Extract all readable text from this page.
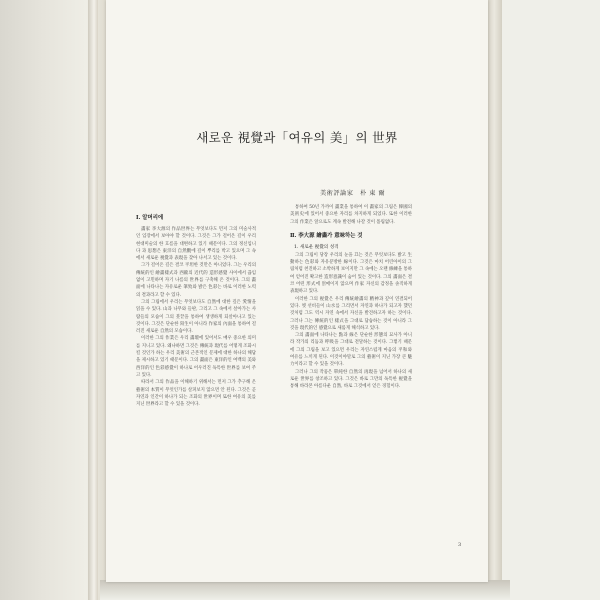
새로운 視覺과「여유의 美」의 世界
美術評論家　朴 東 爾
Ⅰ. 알머리에

畵家 李大源의 作品世界는 무엇보다도 먼저 그의 미술사적인 입장에서 보아야 할 것이다. 그것은 그가 걸어온 길이 우리 현대미술의 한 흐름을 대변하고 있기 때문이다. 그의 정신입니다 과 思想은 東洋의 自然觀에 깊이 뿌리를 박고 있으며 그 속에서 새로운 視覺과 表現을 찾아 나서고 있는 것이다.

그가 걸어온 길은 결코 平坦한 것만은 아니었다. 그는 우리의 傳統的인 繪畵樣式과 西歐의 近代的 造形感覺 사이에서 끊임없이 고민하며 자기 나름의 世界를 구축해 온 것이다. 그의 畵面에 나타나는 자유로운 筆致와 밝은 色彩는 바로 이러한 노력의 결과라고 할 수 있다.

그의 그림에서 우리는 무엇보다도 自然에 대한 깊은 愛情을 읽을 수 있다. 山과 나무와 들판, 그리고 그 속에서 살아가는 사람들의 모습이 그의 붓끝을 통하여 생생하게 되살아나고 있는 것이다. 그것은 단순한 寫生이 아니라 作家의 內面을 통하여 걸러진 새로운 自然의 모습이다.

이러한 그의 作業은 우리 畵壇에 있어서도 매우 중요한 의미를 지니고 있다. 왜냐하면 그것은 傳統과 現代를 어떻게 조화시킬 것인가 하는 우리 美術의 근본적인 문제에 대한 하나의 해답을 제시하고 있기 때문이다. 그의 畵面은 東洋的인 여백의 美와 西洋的인 色彩感覺이 하나로 어우러진 독특한 世界를 보여 주고 있다.

따라서 그의 作品을 이해하기 위해서는 먼저 그가 추구해 온 藝術의 本質이 무엇인가를 살펴보지 않으면 안 된다. 그것은 곧 자연과 인간이 하나가 되는 조화의 世界이며 또한 여유의 美를 지닌 世界라고 할 수 있을 것이다.

통하여 50년 가까이 畵業을 통하여 이 畵家의 그림은 韓國의 美術史에 있어서 중요한 자리를 차지하게 되었다. 또한 이러한 그의 作業은 앞으로도 계속 발전해 나갈 것이 틀림없다.

Ⅱ. 李大源 繪畵가 意味하는 것
1. 새로운 視覺의 성격

그의 그림이 당장 우리의 눈을 끄는 것은 무엇보다도 밝고 生動하는 色彩와 자유분방한 線이다. 그것은 마치 어린아이의 그림처럼 천진하고 소박하게 보이지만 그 속에는 오랜 修練을 통하여 얻어진 확고한 造形意識이 숨어 있는 것이다. 그의 畵面은 결코 어떤 形式에 얽매이지 않으며 作家 자신의 감정을 솔직하게 表現하고 있다.

이러한 그의 視覺은 우리 傳統繪畵의 精神과 깊이 연결되어 있다. 옛 선비들이 山水를 그리면서 자연과 하나가 되고자 했던 것처럼 그도 역시 자연 속에서 자신을 발견하고자 하는 것이다. 그러나 그는 傳統的인 樣式을 그대로 답습하는 것이 아니라 그것을 現代的인 感覺으로 새롭게 해석하고 있다.

그의 畵面에 나타나는 點과 線은 단순한 形態의 묘사가 아니라 작가의 리듬과 呼吸을 그대로 전달하는 것이다. 그렇기 때문에 그의 그림을 보고 있으면 우리는 자연스럽게 마음의 平和와 여유를 느끼게 된다. 이것이야말로 그의 藝術이 지닌 가장 큰 魅力이라고 할 수 있을 것이다.

그러나 그의 작품은 單純한 自然의 再現을 넘어서 하나의 새로운 世界를 창조하고 있다. 그것은 바로 그만의 독특한 視覺을 통해 바라본 아름다운 自然, 바로 그것에서 얻은 경험이다.

3
